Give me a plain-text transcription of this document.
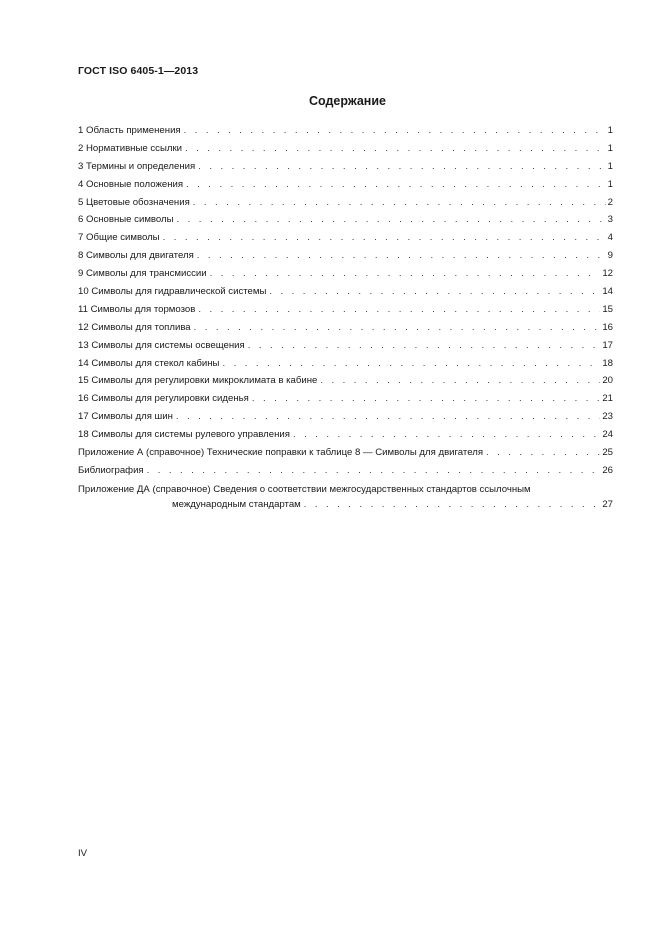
ГОСТ ISO 6405-1—2013
Содержание
1 Область применения . . .	1
2 Нормативные ссылки . . .	1
3 Термины и определения . . .	1
4 Основные положения . . .	1
5 Цветовые обозначения . . .	2
6 Основные символы . . .	3
7 Общие символы . . .	4
8 Символы для двигателя . . .	9
9 Символы для трансмиссии . . .	12
10 Символы для гидравлической системы . . .	14
11 Символы для тормозов . . .	15
12 Символы для топлива . . .	16
13 Символы для системы освещения . . .	17
14 Символы для стекол кабины . . .	18
15 Символы для регулировки микроклимата в кабине . . .	20
16 Символы для регулировки сиденья . . .	21
17 Символы для шин . . .	23
18 Символы для системы рулевого управления . . .	24
Приложение А (справочное) Технические поправки к таблице 8 — Символы для двигателя . . .	25
Библиография . . .	26
Приложение ДА (справочное) Сведения о соответствии межгосударственных стандартов ссылочным
международным стандартам . . .	27
IV
